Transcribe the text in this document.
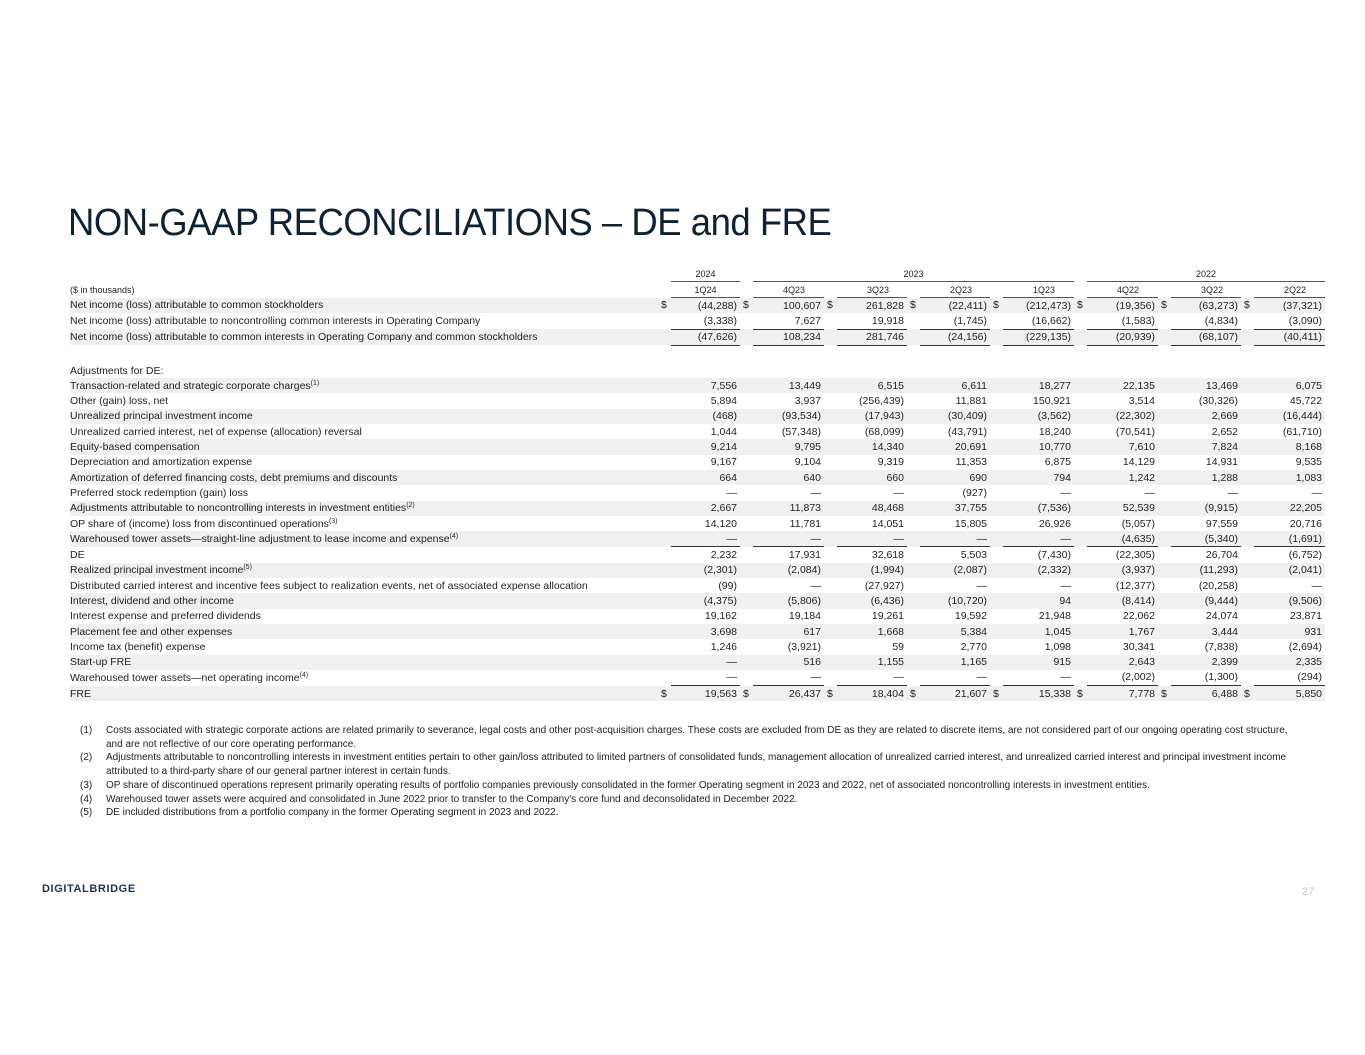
NON-GAAP RECONCILIATIONS – DE and FRE
		2024		2023								2022				
($ in thousands)		1Q24		4Q23		3Q23		2Q23		1Q23		4Q22		3Q22		2Q22
Net income (loss) attributable to common stockholders	$	(44,288)	$	100,607	$	261,828	$	(22,411)	$	(212,473)	$	(19,356)	$	(63,273)	$	(37,321)
Net income (loss) attributable to noncontrolling common interests in Operating Company		(3,338)		7,627		19,918		(1,745)		(16,662)		(1,583)		(4,834)		(3,090)
Net income (loss) attributable to common interests in Operating Company and common stockholders		(47,626)		108,234		281,746		(24,156)		(229,135)		(20,939)		(68,107)		(40,411)

Adjustments for DE:																
Transaction-related and strategic corporate charges$^{(1)}$		7,556		13,449		6,515		6,611		18,277		22,135		13,469		6,075
Other (gain) loss, net		5,894		3,937		(256,439)		11,881		150,921		3,514		(30,326)		45,722
Unrealized principal investment income		(468)		(93,534)		(17,943)		(30,409)		(3,562)		(22,302)		2,669		(16,444)
Unrealized carried interest, net of expense (allocation) reversal		1,044		(57,348)		(68,099)		(43,791)		18,240		(70,541)		2,652		(61,710)
Equity-based compensation		9,214		9,795		14,340		20,691		10,770		7,610		7,824		8,168
Depreciation and amortization expense		9,167		9,104		9,319		11,353		6,875		14,129		14,931		9,535
Amortization of deferred financing costs, debt premiums and discounts		664		640		660		690		794		1,242		1,288		1,083
Preferred stock redemption (gain) loss		—		—		—		(927)		—		—		—		—
Adjustments attributable to noncontrolling interests in investment entities$^{(2)}$		2,667		11,873		48,468		37,755		(7,536)		52,539		(9,915)		22,205
OP share of (income) loss from discontinued operations$^{(3)}$		14,120		11,781		14,051		15,805		26,926		(5,057)		97,559		20,716
Warehoused tower assets—straight-line adjustment to lease income and expense$^{(4)}$		—		—		—		—		—		(4,635)		(5,340)		(1,691)
DE		2,232		17,931		32,618		5,503		(7,430)		(22,305)		26,704		(6,752)
Realized principal investment income$^{(5)}$		(2,301)		(2,084)		(1,994)		(2,087)		(2,332)		(3,937)		(11,293)		(2,041)
Distributed carried interest and incentive fees subject to realization events, net of associated expense allocation		(99)		—		(27,927)		—		—		(12,377)		(20,258)		—
Interest, dividend and other income		(4,375)		(5,806)		(6,436)		(10,720)		94		(8,414)		(9,444)		(9,506)
Interest expense and preferred dividends		19,162		19,184		19,261		19,592		21,948		22,062		24,074		23,871
Placement fee and other expenses		3,698		617		1,668		5,384		1,045		1,767		3,444		931
Income tax (benefit) expense		1,246		(3,921)		59		2,770		1,098		30,341		(7,838)		(2,694)
Start-up FRE		—		516		1,155		1,165		915		2,643		2,399		2,335
Warehoused tower assets—net operating income$^{(4)}$		—		—		—		—		—		(2,002)		(1,300)		(294)
FRE	$	19,563	$	26,437	$	18,404	$	21,607	$	15,338	$	7,778	$	6,488	$	5,850
(1)	Costs associated with strategic corporate actions are related primarily to severance, legal costs and other post-acquisition charges. These costs are excluded from DE as they are related to discrete items, are not considered part of our ongoing operating cost structure, and are not reflective of our core operating performance.
(2)	Adjustments attributable to noncontrolling interests in investment entities pertain to other gain/loss attributed to limited partners of consolidated funds, management allocation of unrealized carried interest, and unrealized carried interest and principal investment income attributed to a third-party share of our general partner interest in certain funds.
(3)	OP share of discontinued operations represent primarily operating results of portfolio companies previously consolidated in the former Operating segment in 2023 and 2022, net of associated noncontrolling interests in investment entities.
(4)	Warehoused tower assets were acquired and consolidated in June 2022 prior to transfer to the Company's core fund and deconsolidated in December 2022.
(5)	DE included distributions from a portfolio company in the former Operating segment in 2023 and 2022.
DIGITALBRIDGE	27
